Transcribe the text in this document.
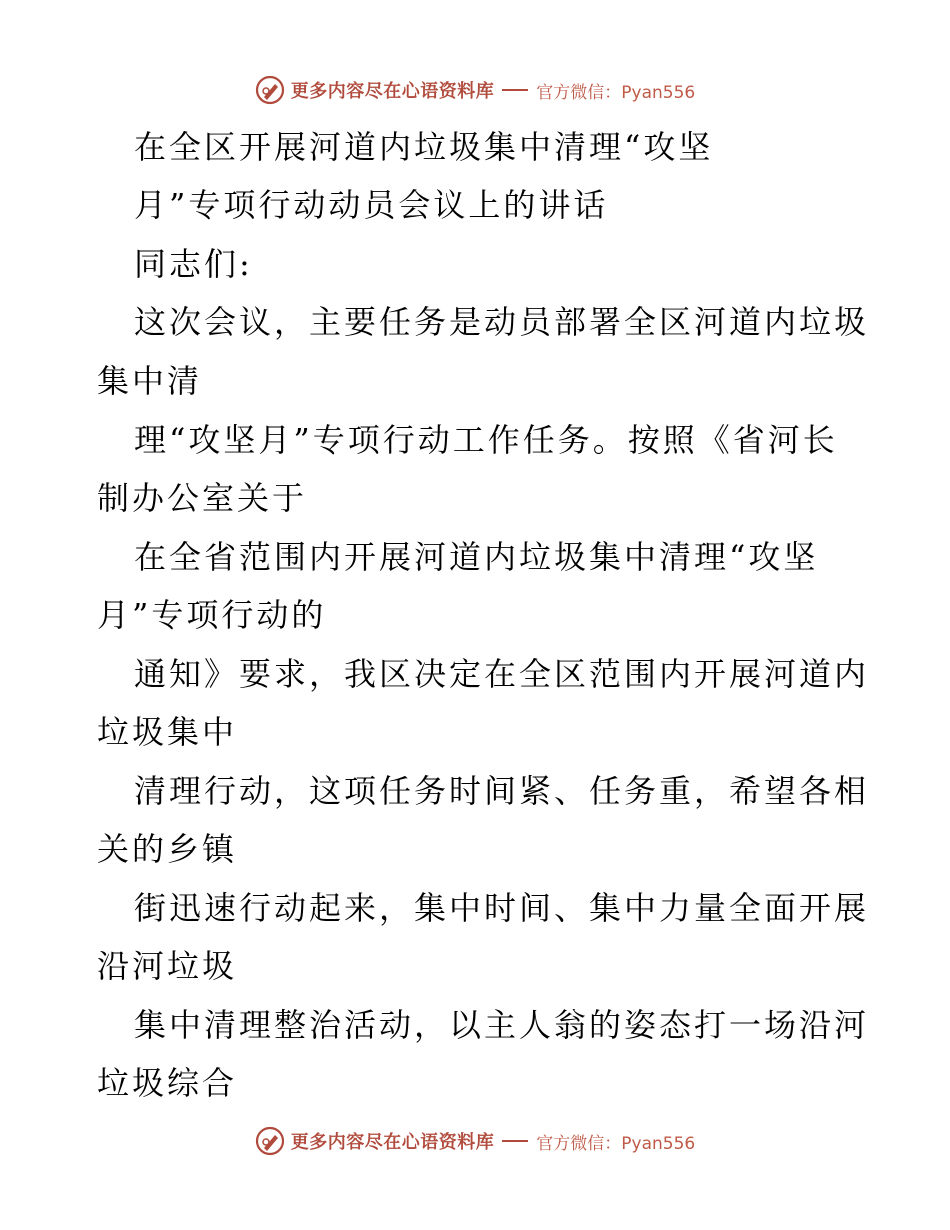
更多内容尽在心语资料库 官方微信：Pyan556

在全区开展河道内垃圾集中清理“攻坚

月”专项行动动员会议上的讲话

同志们:

这次会议，主要任务是动员部署全区河道内垃圾

集中清

理“攻坚月”专项行动工作任务。按照《省河长

制办公室关于

在全省范围内开展河道内垃圾集中清理“攻坚

月”专项行动的

通知》要求，我区决定在全区范围内开展河道内

垃圾集中

清理行动，这项任务时间紧、任务重，希望各相

关的乡镇

街迅速行动起来，集中时间、集中力量全面开展

沿河垃圾

集中清理整治活动，以主人翁的姿态打一场沿河

垃圾综合

更多内容尽在心语资料库 官方微信：Pyan556
